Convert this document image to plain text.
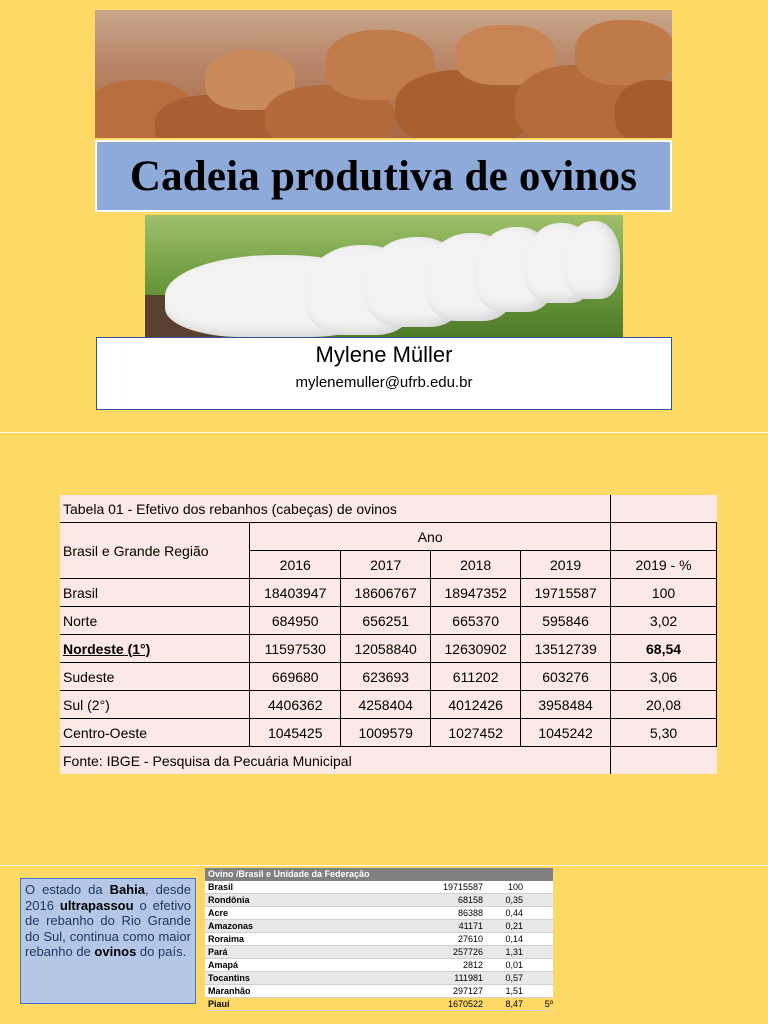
Cadeia produtiva de ovinos
Mylene Müller
mylenemuller@ufrb.edu.br
Tabela 01 - Efetivo dos rebanhos (cabeças) de ovinos					
Brasil e Grande Região	Ano				
	2016	2017	2018	2019	2019 - %
Brasil	18403947	18606767	18947352	19715587	100
Norte	684950	656251	665370	595846	3,02
Nordeste (1°)	11597530	12058840	12630902	13512739	68,54
Sudeste	669680	623693	611202	603276	3,06
Sul (2°)	4406362	4258404	4012426	3958484	20,08
Centro-Oeste	1045425	1009579	1027452	1045242	5,30
Fonte: IBGE - Pesquisa da Pecuária Municipal					
O estado da Bahia, desde 2016 ultrapassou o efetivo de rebanho do Rio Grande do Sul, continua como maior rebanho de ovinos do país.
Ovino /Brasil e Unidade da Federação
Brasil	19715587	100
Rondônia	68158	0,35
Acre	86388	0,44
Amazonas	41171	0,21
Roraima	27610	0,14
Pará	257726	1,31
Amapá	2812	0,01
Tocantins	111981	0,57
Maranhão	297127	1,51
Piauí	1670522	8,47	5º
